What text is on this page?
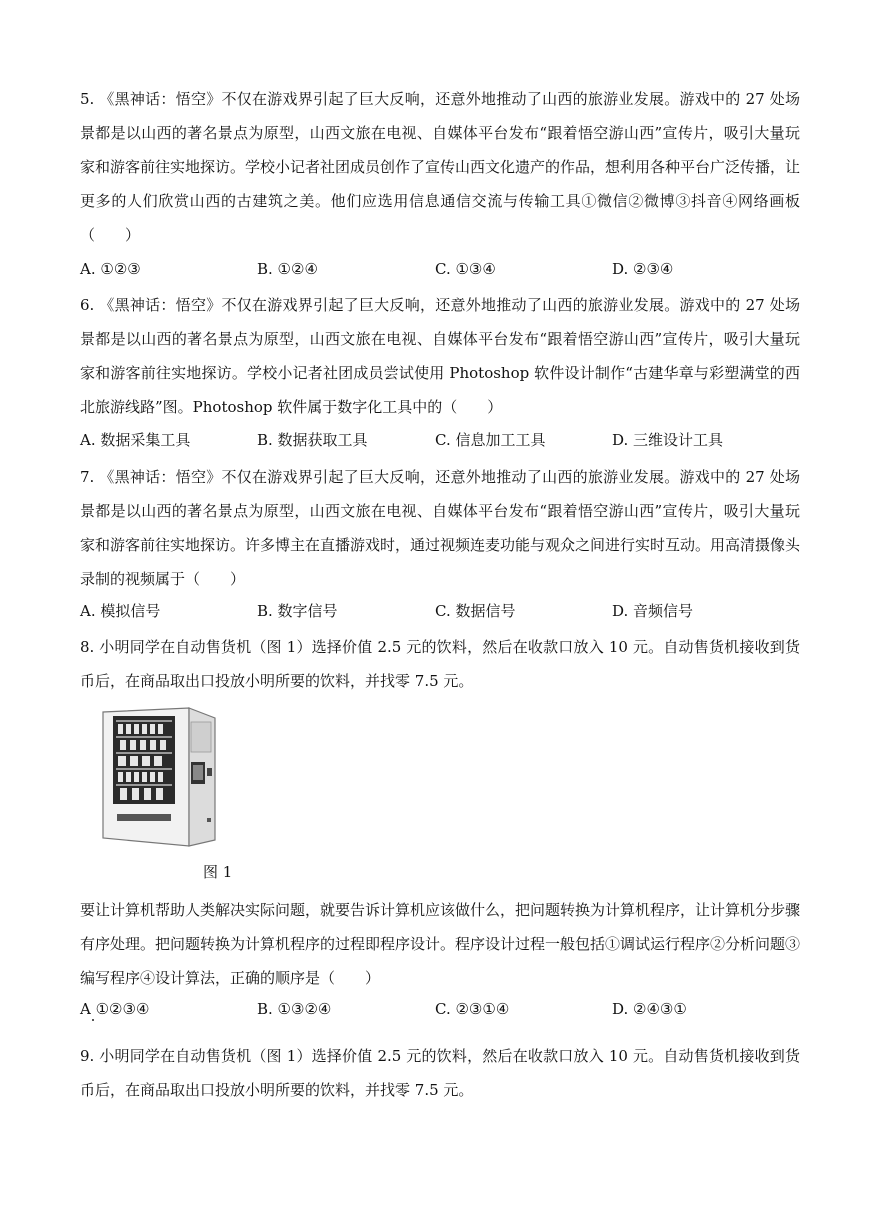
5. 《黑神话：悟空》不仅在游戏界引起了巨大反响，还意外地推动了山西的旅游业发展。游戏中的 27 处场景都是以山西的著名景点为原型，山西文旅在电视、自媒体平台发布“跟着悟空游山西”宣传片，吸引大量玩家和游客前往实地探访。学校小记者社团成员创作了宣传山西文化遗产的作品，想利用各种平台广泛传播，让更多的人们欣赏山西的古建筑之美。他们应选用信息通信交流与传输工具①微信②微博③抖音④网络画板（　　）

A. ①②③	B. ①②④	C. ①③④	D. ②③④

6. 《黑神话：悟空》不仅在游戏界引起了巨大反响，还意外地推动了山西的旅游业发展。游戏中的 27 处场景都是以山西的著名景点为原型，山西文旅在电视、自媒体平台发布“跟着悟空游山西”宣传片，吸引大量玩家和游客前往实地探访。学校小记者社团成员尝试使用 Photoshop 软件设计制作“古建华章与彩塑满堂的西北旅游线路”图。Photoshop 软件属于数字化工具中的（　　）

A. 数据采集工具	B. 数据获取工具	C. 信息加工工具	D. 三维设计工具

7. 《黑神话：悟空》不仅在游戏界引起了巨大反响，还意外地推动了山西的旅游业发展。游戏中的 27 处场景都是以山西的著名景点为原型，山西文旅在电视、自媒体平台发布“跟着悟空游山西”宣传片，吸引大量玩家和游客前往实地探访。许多博主在直播游戏时，通过视频连麦功能与观众之间进行实时互动。用高清摄像头录制的视频属于（　　）

A. 模拟信号	B. 数字信号	C. 数据信号	D. 音频信号

8. 小明同学在自动售货机（图 1）选择价值 2.5 元的饮料，然后在收款口放入 10 元。自动售货机接收到货币后，在商品取出口投放小明所要的饮料，并找零 7.5 元。

图 1

要让计算机帮助人类解决实际问题，就要告诉计算机应该做什么，把问题转换为计算机程序，让计算机分步骤有序处理。把问题转换为计算机程序的过程即程序设计。程序设计过程一般包括①调试运行程序②分析问题③编写程序④设计算法，正确的顺序是（　　）

A ①②③④	B. ①③②④	C. ②③①④	D. ②④③①

9. 小明同学在自动售货机（图 1）选择价值 2.5 元的饮料，然后在收款口放入 10 元。自动售货机接收到货币后，在商品取出口投放小明所要的饮料，并找零 7.5 元。
